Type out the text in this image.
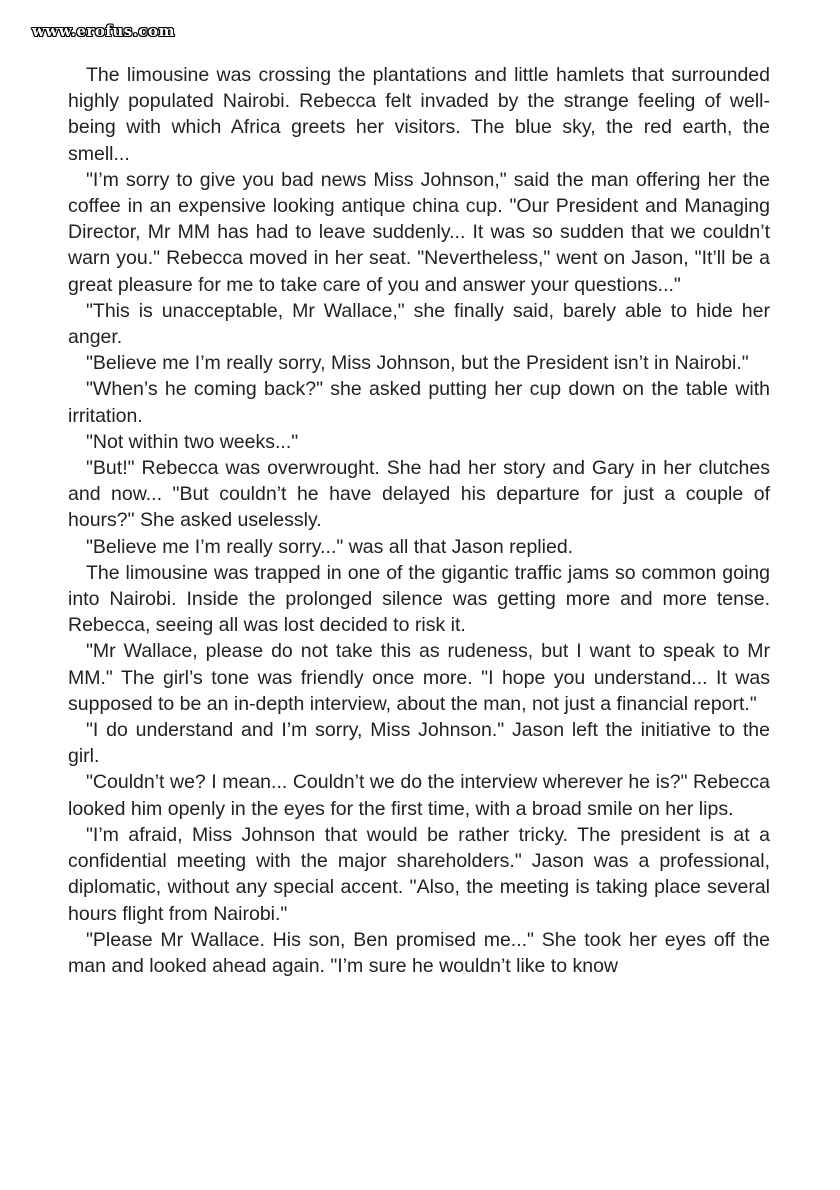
www.erofus.com

The limousine was crossing the plantations and little hamlets that surrounded highly populated Nairobi. Rebecca felt invaded by the strange feeling of well-being with which Africa greets her visitors. The blue sky, the red earth, the smell...

"I’m sorry to give you bad news Miss Johnson," said the man offering her the coffee in an expensive looking antique china cup. "Our President and Managing Director, Mr MM has had to leave suddenly... It was so sudden that we couldn’t warn you." Rebecca moved in her seat. "Nevertheless," went on Jason, "It’ll be a great pleasure for me to take care of you and answer your questions..."

"This is unacceptable, Mr Wallace," she finally said, barely able to hide her anger.

"Believe me I’m really sorry, Miss Johnson, but the President isn’t in Nairobi."

"When’s he coming back?" she asked putting her cup down on the table with irritation.

"Not within two weeks..."

"But!" Rebecca was overwrought. She had her story and Gary in her clutches and now... "But couldn’t he have delayed his departure for just a couple of hours?" She asked uselessly.

"Believe me I’m really sorry..." was all that Jason replied.

The limousine was trapped in one of the gigantic traffic jams so common going into Nairobi. Inside the prolonged silence was getting more and more tense. Rebecca, seeing all was lost decided to risk it.

"Mr Wallace, please do not take this as rudeness, but I want to speak to Mr MM." The girl’s tone was friendly once more. "I hope you understand... It was supposed to be an in-depth interview, about the man, not just a financial report."

"I do understand and I’m sorry, Miss Johnson." Jason left the initiative to the girl.

"Couldn’t we? I mean... Couldn’t we do the interview wherever he is?" Rebecca looked him openly in the eyes for the first time, with a broad smile on her lips.

"I’m afraid, Miss Johnson that would be rather tricky. The president is at a confidential meeting with the major shareholders." Jason was a professional, diplomatic, without any special accent. "Also, the meeting is taking place several hours flight from Nairobi."

"Please Mr Wallace. His son, Ben promised me..." She took her eyes off the man and looked ahead again. "I’m sure he wouldn’t like to know
